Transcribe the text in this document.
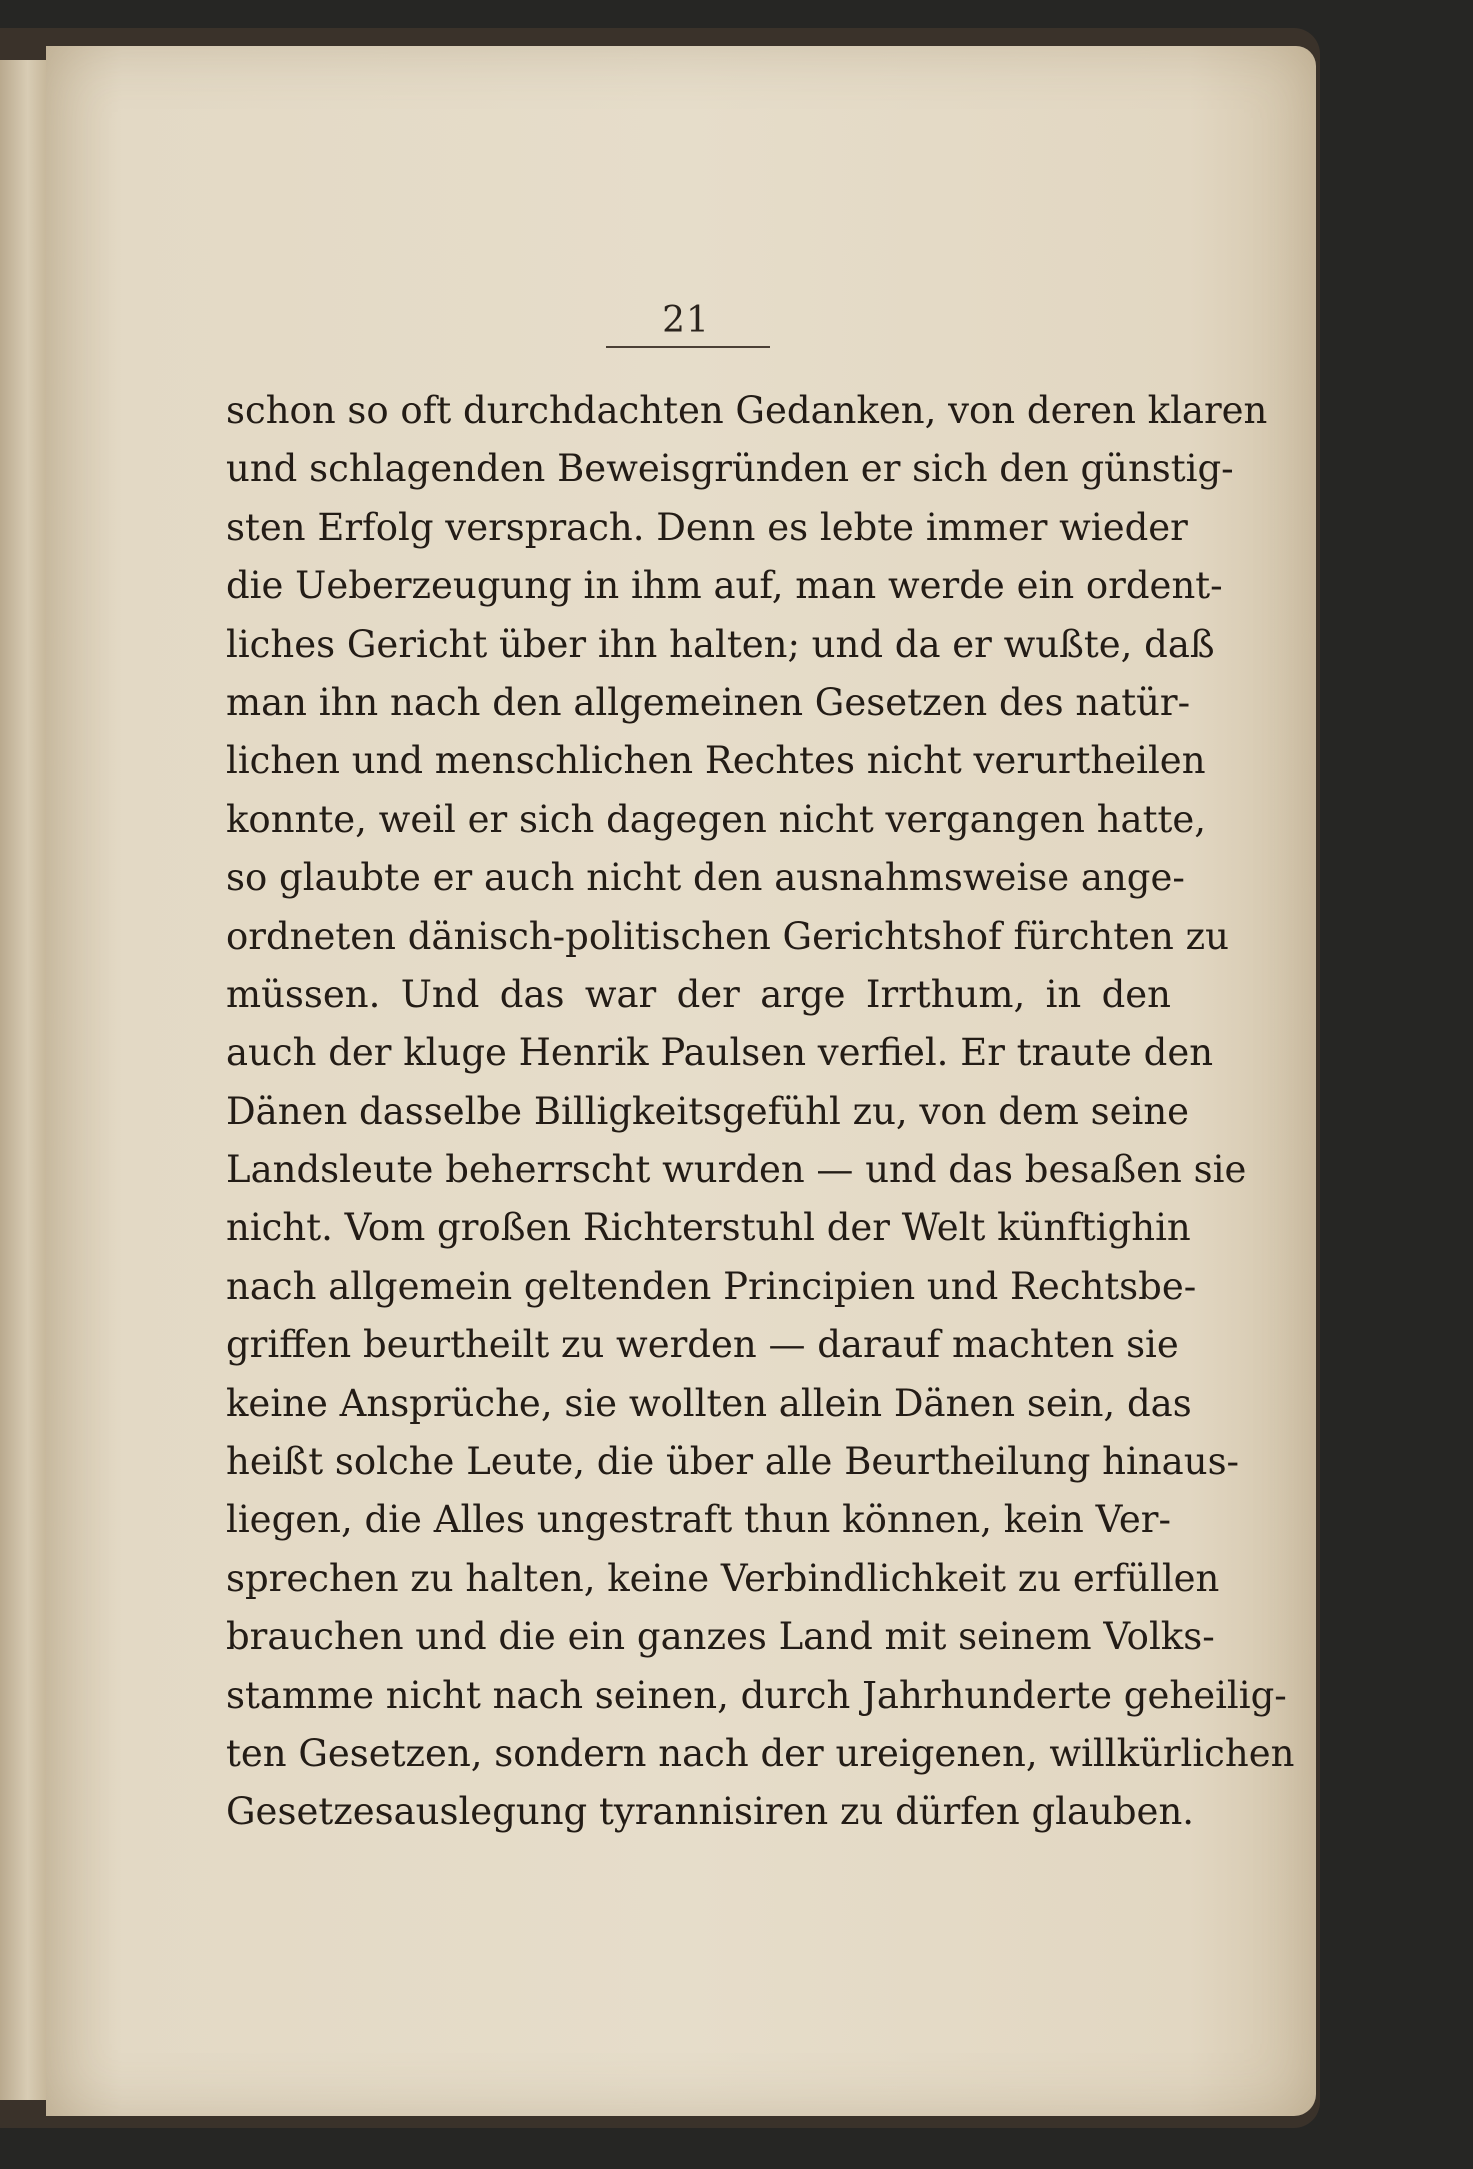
21
schon so oft durchdachten Gedanken, von deren klaren
und schlagenden Beweisgründen er sich den günstig-
sten Erfolg versprach. Denn es lebte immer wieder
die Ueberzeugung in ihm auf, man werde ein ordent-
liches Gericht über ihn halten; und da er wußte, daß
man ihn nach den allgemeinen Gesetzen des natür-
lichen und menschlichen Rechtes nicht verurtheilen
konnte, weil er sich dagegen nicht vergangen hatte,
so glaubte er auch nicht den ausnahmsweise ange-
ordneten dänisch-politischen Gerichtshof fürchten zu
müssen. Und das war der arge Irrthum, in den
auch der kluge Henrik Paulsen verfiel. Er traute den
Dänen dasselbe Billigkeitsgefühl zu, von dem seine
Landsleute beherrscht wurden — und das besaßen sie
nicht. Vom großen Richterstuhl der Welt künftighin
nach allgemein geltenden Principien und Rechtsbe-
griffen beurtheilt zu werden — darauf machten sie
keine Ansprüche, sie wollten allein Dänen sein, das
heißt solche Leute, die über alle Beurtheilung hinaus-
liegen, die Alles ungestraft thun können, kein Ver-
sprechen zu halten, keine Verbindlichkeit zu erfüllen
brauchen und die ein ganzes Land mit seinem Volks-
stamme nicht nach seinen, durch Jahrhunderte geheilig-
ten Gesetzen, sondern nach der ureigenen, willkürlichen
Gesetzesauslegung tyrannisiren zu dürfen glauben.
